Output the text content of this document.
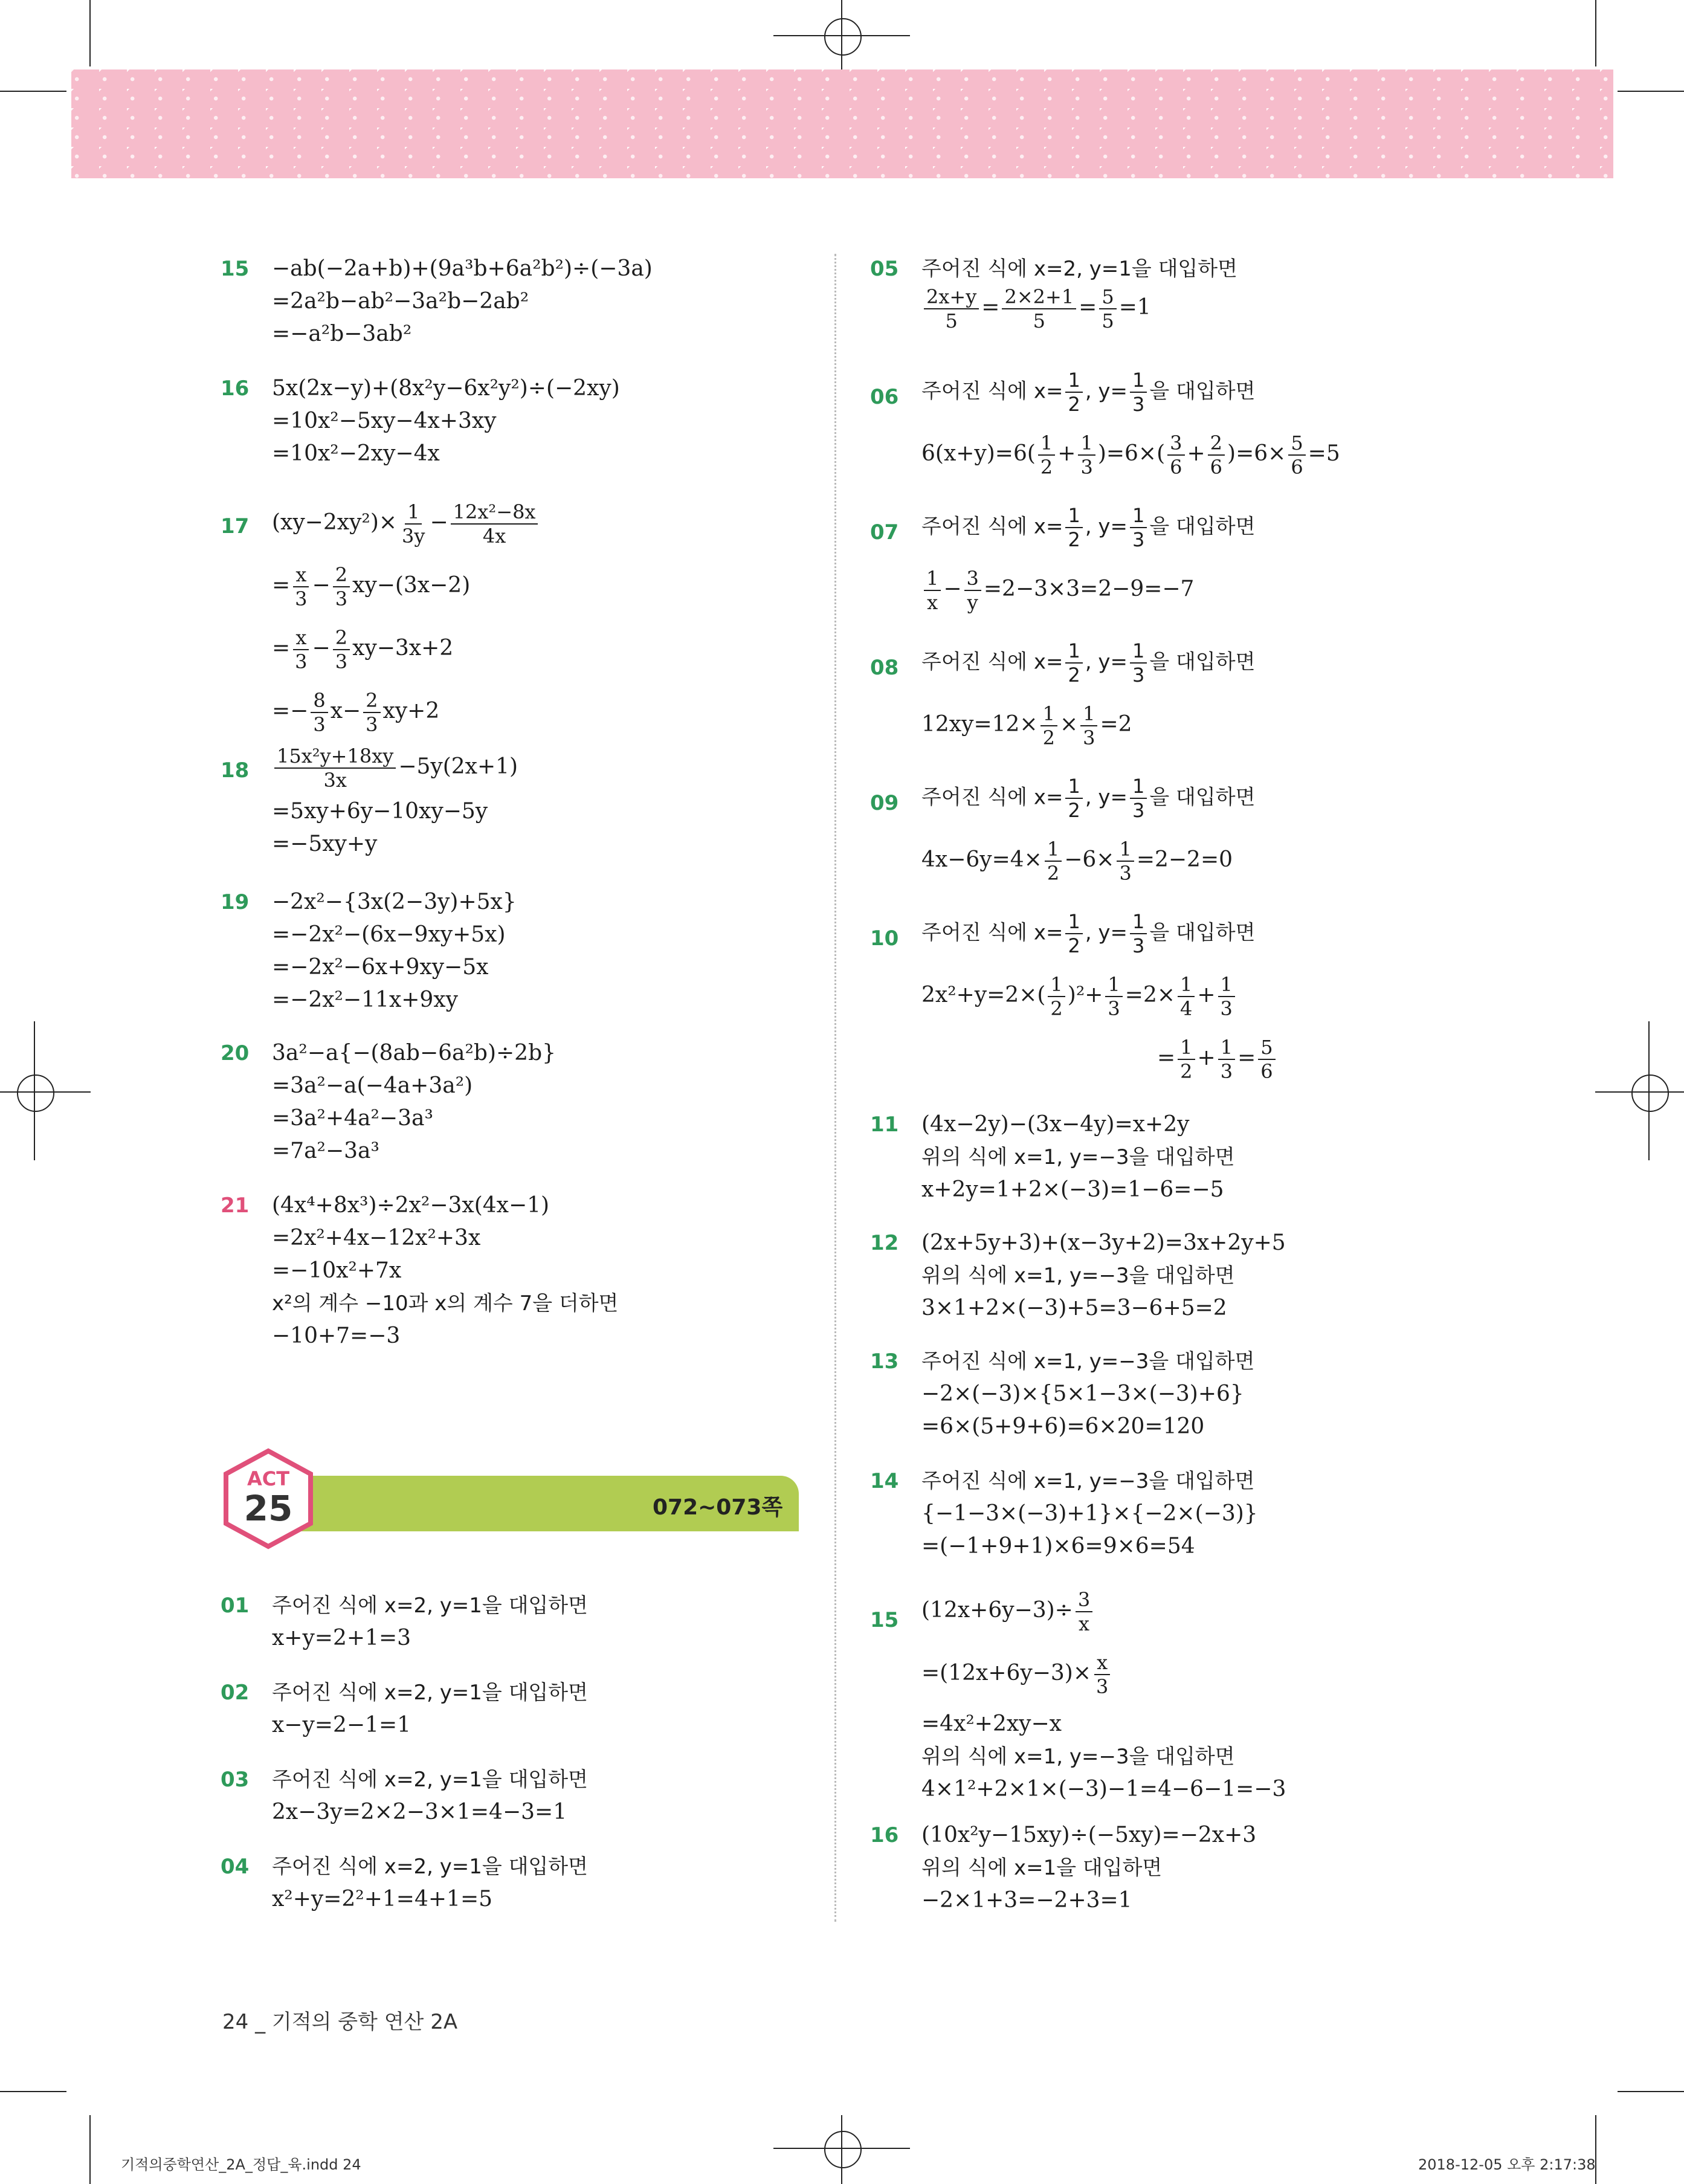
15 −ab(−2a+b)+(9a³b+6a²b²)÷(−3a)
=2a²b−ab²−3a²b−2ab²
=−a²b−3ab²
16 5x(2x−y)+(8x²y−6x²y²)÷(−2xy)
=10x²−5xy−4x+3xy
=10x²−2xy−4x
17 $(xy-2xy^2)\times \frac{1}{3y} - \frac{\text{12x²−8x}}{4x}$
= $\frac{x}{3} - \frac{2}{3} xy-(3x-2)$
= $\frac{x}{3} - \frac{2}{3} xy-3x+2$
=− $\frac{8}{3} x- \frac{2}{3} xy+2$
$18 \frac{\text{15x²y+18xy}}{3x} -5y(2x+1)$
=5xy+6y−10xy−5y
=−5xy+y
19 −2x²−{3x(2−3y)+5x}
=−2x²−(6x−9xy+5x)
=−2x²−6x+9xy−5x
=−2x²−11x+9xy
20 3a²−a{−(8ab−6a²b)÷2b}
=3a²−a(−4a+3a²)
=3a²+4a²−3a³
=7a²−3a³
21 (4x⁴+8x³)÷2x²−3x(4x−1)
=2x²+4x−12x²+3x
=−10x²+7x
x²의 계수 −10과 x의 계수 7을 더하면
−10+7=−3
ACT
25	072~073쪽
01 주어진 식에 x=2, y=1을 대입하면
x+y=2+1=3
02 주어진 식에 x=2, y=1을 대입하면
x−y=2−1=1
03 주어진 식에 x=2, y=1을 대입하면
2x−3y=2×2−3×1=4−3=1
04 주어진 식에 x=2, y=1을 대입하면
x²+y=2²+1=4+1=5
05 주어진 식에 x=2, y=1을 대입하면
$\frac{2x+y}{5} = \frac{2\times 2+1}{5} = \frac{5}{5} =1$
06 주어진 식에 $x= \frac{1}{2}$ , $y= \frac{1}{3}$ 을 대입하면
$6(x+y)=6( \frac{1}{2} + \frac{1}{3} )=6\times( \frac{3}{6} + \frac{2}{6} )=6\times \frac{5}{6} =5$
07 주어진 식에 $x= \frac{1}{2}$ , $y= \frac{1}{3}$ 을 대입하면
$\frac{1}{x} - \frac{3}{y} =2-3\times 3=2-9=-7$
08 주어진 식에 $x= \frac{1}{2}$ , $y= \frac{1}{3}$ 을 대입하면
$12xy=12\times \frac{1}{2} \times \frac{1}{3} =2$
09 주어진 식에 $x= \frac{1}{2}$ , $y= \frac{1}{3}$ 을 대입하면
$4x-6y=4\times \frac{1}{2} -6\times \frac{1}{3} =2-2=0$
10 주어진 식에 $x= \frac{1}{2}$ , $y= \frac{1}{3}$ 을 대입하면
$2x^2+y=2\times( \frac{1}{2} )^2+ \frac{1}{3} =2\times \frac{1}{4} + \frac{1}{3}$
= $\frac{1}{2} + \frac{1}{3} = \frac{5}{6}$
11 (4x−2y)−(3x−4y)=x+2y
위의 식에 x=1, y=−3을 대입하면
x+2y=1+2×(−3)=1−6=−5
12 (2x+5y+3)+(x−3y+2)=3x+2y+5
위의 식에 x=1, y=−3을 대입하면
3×1+2×(−3)+5=3−6+5=2
13 주어진 식에 x=1, y=−3을 대입하면
−2×(−3)×{5×1−3×(−3)+6}
=6×(5+9+6)=6×20=120
14 주어진 식에 x=1, y=−3을 대입하면
{−1−3×(−3)+1}×{−2×(−3)}
=(−1+9+1)×6=9×6=54
15 $(12x+6y-3)\div \frac{3}{x}$
$=(12x+6y-3)\times \frac{x}{3}$
=4x²+2xy−x
위의 식에 x=1, y=−3을 대입하면
4×1²+2×1×(−3)−1=4−6−1=−3
16 (10x²y−15xy)÷(−5xy)=−2x+3
위의 식에 x=1을 대입하면
−2×1+3=−2+3=1
24 _ 기적의 중학 연산 2A
기적의중학연산_2A_정답_육.indd 24	2018-12-05 오후 2:17:38
